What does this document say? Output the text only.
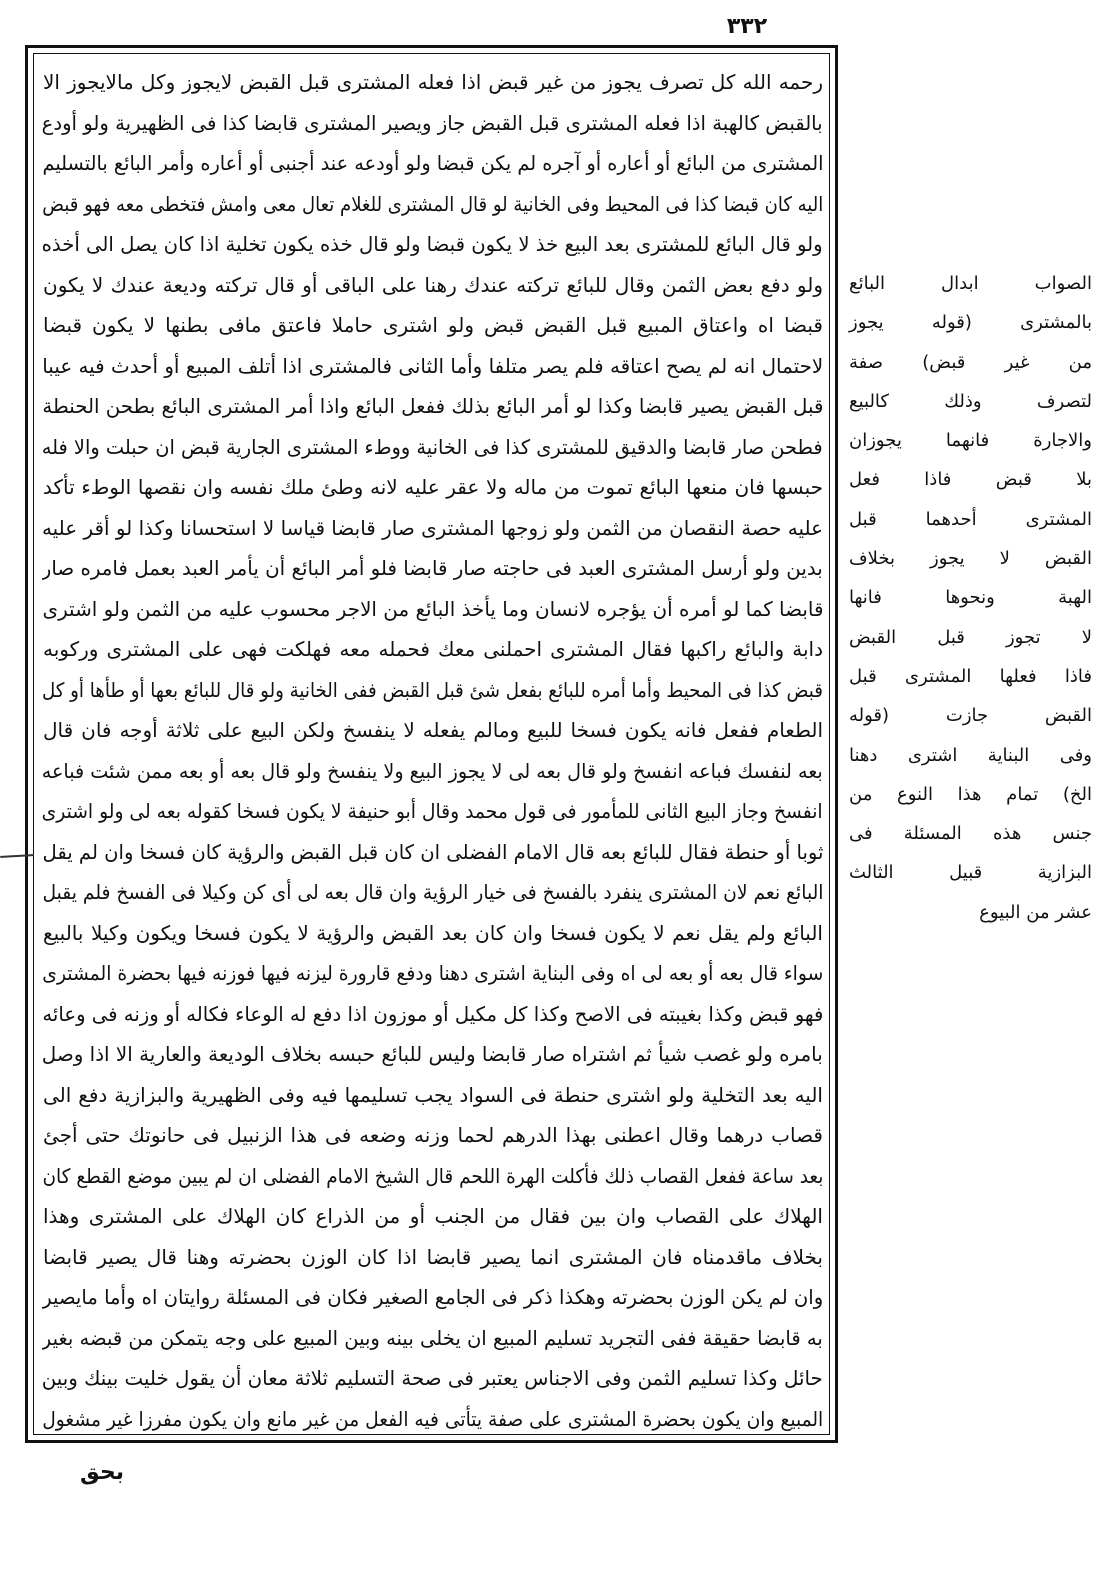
٣٣٢
رحمه الله كل تصرف يجوز من غير قبض اذا فعله المشترى قبل القبض لايجوز وكل مالايجوز الا
بالقبض كالهبة اذا فعله المشترى قبل القبض جاز ويصير المشترى قابضا كذا فى الظهيرية ولو أودع
المشترى من البائع أو أعاره أو آجره لم يكن قبضا ولو أودعه عند أجنبى أو أعاره وأمر البائع بالتسليم
اليه كان قبضا كذا فى المحيط وفى الخانية لو قال المشترى للغلام تعال معى وامش فتخطى معه فهو قبض
ولو قال البائع للمشترى بعد البيع خذ لا يكون قبضا ولو قال خذه يكون تخلية اذا كان يصل الى أخذه
ولو دفع بعض الثمن وقال للبائع تركته عندك رهنا على الباقى أو قال تركته وديعة عندك لا يكون
قبضا اه واعتاق المبيع قبل القبض قبض ولو اشترى حاملا فاعتق مافى بطنها لا يكون قبضا
لاحتمال انه لم يصح اعتاقه فلم يصر متلفا وأما الثانى فالمشترى اذا أتلف المبيع أو أحدث فيه عيبا
قبل القبض يصير قابضا وكذا لو أمر البائع بذلك ففعل البائع واذا أمر المشترى البائع بطحن الحنطة
فطحن صار قابضا والدقيق للمشترى كذا فى الخانية ووطء المشترى الجارية قبض ان حبلت والا فله
حبسها فان منعها البائع تموت من ماله ولا عقر عليه لانه وطئ ملك نفسه وان نقصها الوطء تأكد
عليه حصة النقصان من الثمن ولو زوجها المشترى صار قابضا قياسا لا استحسانا وكذا لو أقر عليه
بدين ولو أرسل المشترى العبد فى حاجته صار قابضا فلو أمر البائع أن يأمر العبد بعمل فامره صار
قابضا كما لو أمره أن يؤجره لانسان وما يأخذ البائع من الاجر محسوب عليه من الثمن ولو اشترى
دابة والبائع راكبها فقال المشترى احملنى معك فحمله معه فهلكت فهى على المشترى وركوبه
قبض كذا فى المحيط وأما أمره للبائع بفعل شئ قبل القبض ففى الخانية ولو قال للبائع بعها أو طأها أو كل
الطعام ففعل فانه يكون فسخا للبيع ومالم يفعله لا ينفسخ ولكن البيع على ثلاثة أوجه فان قال
بعه لنفسك فباعه انفسخ ولو قال بعه لى لا يجوز البيع ولا ينفسخ ولو قال بعه أو بعه ممن شئت فباعه
انفسخ وجاز البيع الثانى للمأمور فى قول محمد وقال أبو حنيفة لا يكون فسخا كقوله بعه لى ولو اشترى
ثوبا أو حنطة فقال للبائع بعه قال الامام الفضلى ان كان قبل القبض والرؤية كان فسخا وان لم يقل
البائع نعم لان المشترى ينفرد بالفسخ فى خيار الرؤية وان قال بعه لى أى كن وكيلا فى الفسخ فلم يقبل
البائع ولم يقل نعم لا يكون فسخا وان كان بعد القبض والرؤية لا يكون فسخا ويكون وكيلا بالبيع
سواء قال بعه أو بعه لى اه وفى البناية اشترى دهنا ودفع قارورة ليزنه فيها فوزنه فيها بحضرة المشترى
فهو قبض وكذا بغيبته فى الاصح وكذا كل مكيل أو موزون اذا دفع له الوعاء فكاله أو وزنه فى وعائه
بامره ولو غصب شيأ ثم اشتراه صار قابضا وليس للبائع حبسه بخلاف الوديعة والعارية الا اذا وصل
اليه بعد التخلية ولو اشترى حنطة فى السواد يجب تسليمها فيه وفى الظهيرية والبزازية دفع الى
قصاب درهما وقال اعطنى بهذا الدرهم لحما وزنه وضعه فى هذا الزنبيل فى حانوتك حتى أجئ
بعد ساعة ففعل القصاب ذلك فأكلت الهرة اللحم قال الشيخ الامام الفضلى ان لم يبين موضع القطع كان
الهلاك على القصاب وان بين فقال من الجنب أو من الذراع كان الهلاك على المشترى وهذا
بخلاف ماقدمناه فان المشترى انما يصير قابضا اذا كان الوزن بحضرته وهنا قال يصير قابضا
وان لم يكن الوزن بحضرته وهكذا ذكر فى الجامع الصغير فكان فى المسئلة روايتان اه وأما مايصير
به قابضا حقيقة ففى التجريد تسليم المبيع ان يخلى بينه وبين المبيع على وجه يتمكن من قبضه بغير
حائل وكذا تسليم الثمن وفى الاجناس يعتبر فى صحة التسليم ثلاثة معان أن يقول خليت بينك وبين
المبيع وان يكون بحضرة المشترى على صفة يتأتى فيه الفعل من غير مانع وان يكون مفرزا غير مشغول
الصواب ابدال البائع
بالمشترى (قوله يجوز
من غير قبض) صفة
لتصرف وذلك كالبيع
والاجارة فانهما يجوزان
بلا قبض فاذا فعل
المشترى أحدهما قبل
القبض لا يجوز بخلاف
الهبة ونحوها فانها
لا تجوز قبل القبض
فاذا فعلها المشترى قبل
القبض جازت (قوله
وفى البناية اشترى دهنا
الخ) تمام هذا النوع من
جنس هذه المسئلة فى
البزازية قبيل الثالث
عشر من البيوع
بحق
